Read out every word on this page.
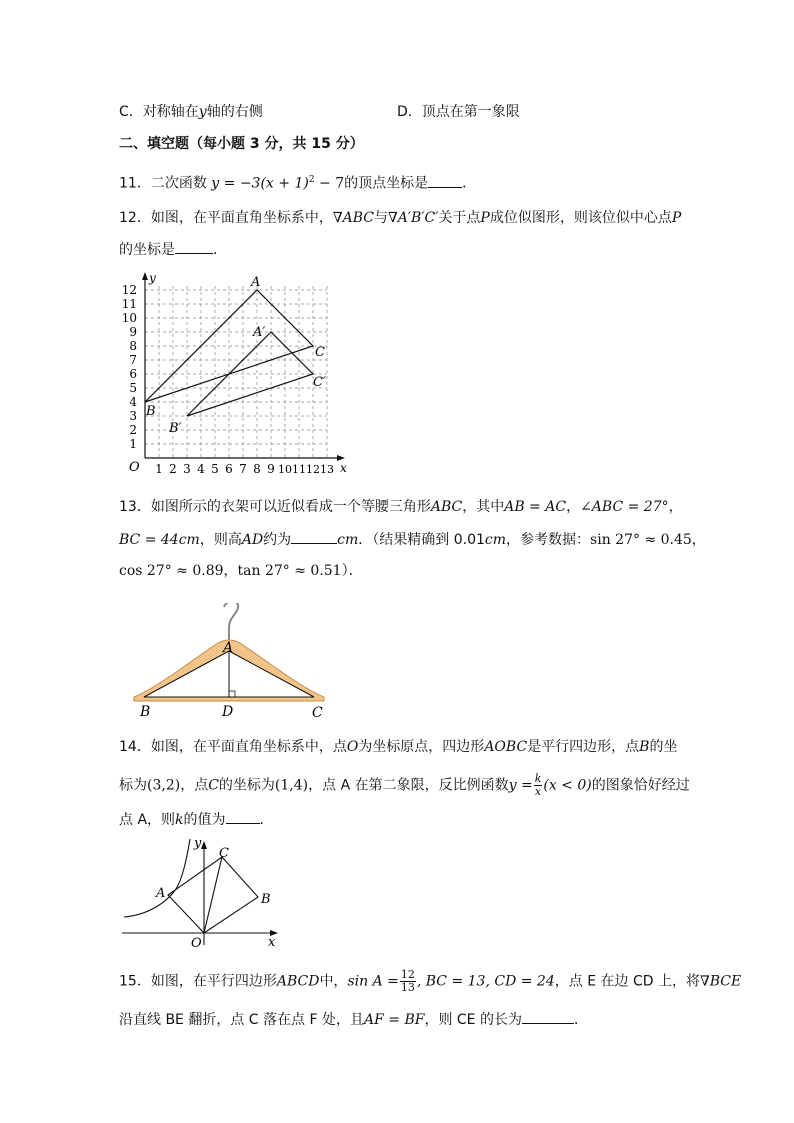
C．对称轴在y轴的右侧	D．顶点在第一象限
二、填空题（每小题 3 分，共 15 分）
11．二次函数 $y = -3(x + 1)^2 - 7$的顶点坐标是 ．
12．如图，在平面直角坐标系中，∇ABC与∇A′B′C′关于点P成位似图形，则该位似中心点P
的坐标是	．
y
x
O 1 2 3 4 5 6 7 8 9 10 11 12 13
1
2
3
4
5
6
7
8
9
10
11
12	A
B
C
A′
B′
C′
13．如图所示的衣架可以近似看成一个等腰三角形ABC，其中AB = AC，∠ABC = 27°，
BC = 44cm，则高AD约为	cm．（结果精确到 0.01cm，参考数据：sin 27° ≈ 0.45，
cos 27° ≈ 0.89，tan 27° ≈ 0.51）．
A
B	D	C
14．如图，在平面直角坐标系中，点O为坐标原点，四边形AOBC是平行四边形，点B的坐
标为(3,2)，点C的坐标为(1,4)，点 A 在第二象限，反比例函数$y = \frac{k}{x} (x < 0)$的图象恰好经过
点 A，则k的值为 ．
y
x
O
A	B
C
15．如图，在平行四边形ABCD中，$\sin A = \frac{12}{13}$ , BC = 13, CD = 24，点 E 在边 CD 上，将∇BCE
沿直线 BE 翻折，点 C 落在点 F 处，且AF = BF，则 CE 的长为	．
